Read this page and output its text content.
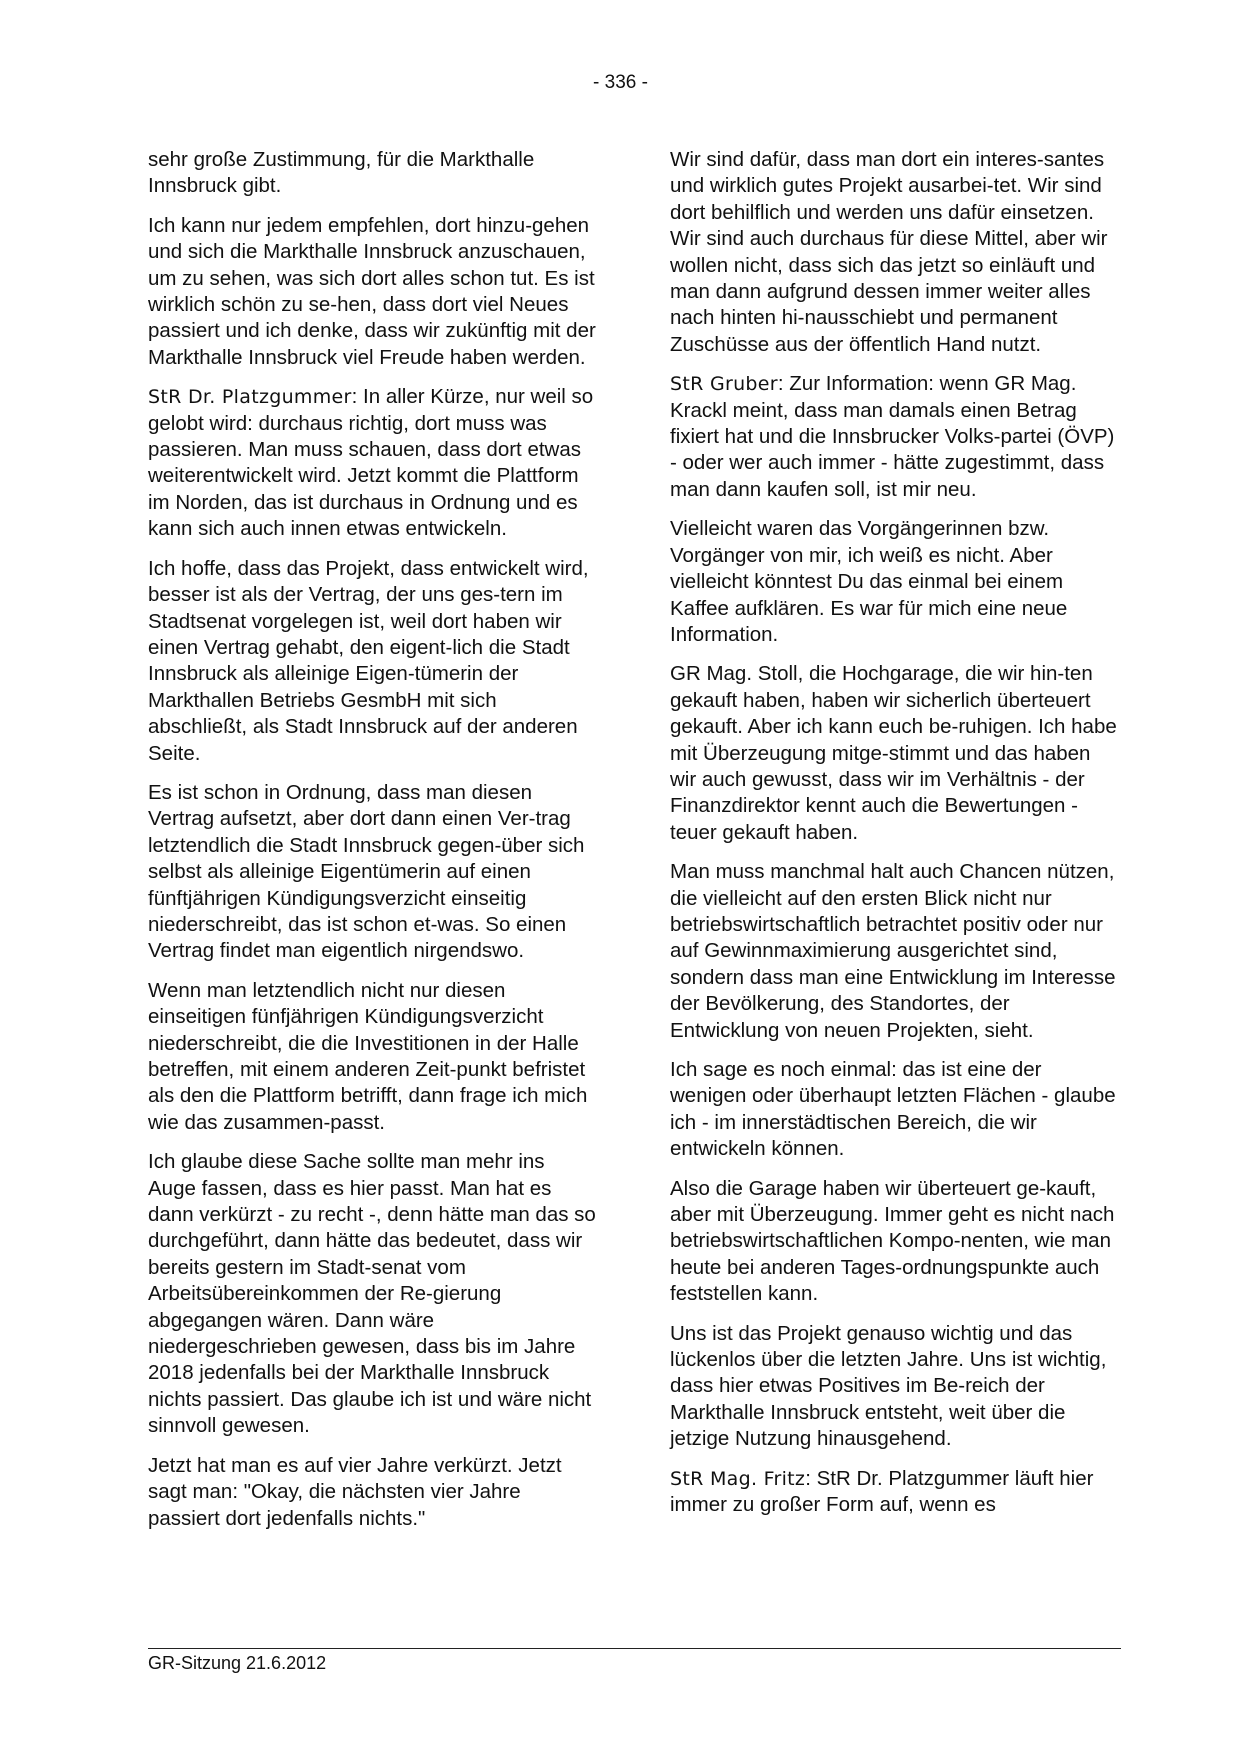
- 336 -

sehr große Zustimmung, für die Markthalle Innsbruck gibt.

Ich kann nur jedem empfehlen, dort hinzu-gehen und sich die Markthalle Innsbruck anzuschauen, um zu sehen, was sich dort alles schon tut. Es ist wirklich schön zu se-hen, dass dort viel Neues passiert und ich denke, dass wir zukünftig mit der Markthalle Innsbruck viel Freude haben werden.

StR Dr. Platzgummer: In aller Kürze, nur weil so gelobt wird: durchaus richtig, dort muss was passieren. Man muss schauen, dass dort etwas weiterentwickelt wird. Jetzt kommt die Plattform im Norden, das ist durchaus in Ordnung und es kann sich auch innen etwas entwickeln.

Ich hoffe, dass das Projekt, dass entwickelt wird, besser ist als der Vertrag, der uns ges-tern im Stadtsenat vorgelegen ist, weil dort haben wir einen Vertrag gehabt, den eigent-lich die Stadt Innsbruck als alleinige Eigen-tümerin der Markthallen Betriebs GesmbH mit sich abschließt, als Stadt Innsbruck auf der anderen Seite.

Es ist schon in Ordnung, dass man diesen Vertrag aufsetzt, aber dort dann einen Ver-trag letztendlich die Stadt Innsbruck gegen-über sich selbst als alleinige Eigentümerin auf einen fünftjährigen Kündigungsverzicht einseitig niederschreibt, das ist schon et-was. So einen Vertrag findet man eigentlich nirgendswo.

Wenn man letztendlich nicht nur diesen einseitigen fünfjährigen Kündigungsverzicht niederschreibt, die die Investitionen in der Halle betreffen, mit einem anderen Zeit-punkt befristet als den die Plattform betrifft, dann frage ich mich wie das zusammen-passt.

Ich glaube diese Sache sollte man mehr ins Auge fassen, dass es hier passt. Man hat es dann verkürzt - zu recht -, denn hätte man das so durchgeführt, dann hätte das bedeutet, dass wir bereits gestern im Stadt-senat vom Arbeitsübereinkommen der Re-gierung abgegangen wären. Dann wäre niedergeschrieben gewesen, dass bis im Jahre 2018 jedenfalls bei der Markthalle Innsbruck nichts passiert. Das glaube ich ist und wäre nicht sinnvoll gewesen.

Jetzt hat man es auf vier Jahre verkürzt. Jetzt sagt man: "Okay, die nächsten vier Jahre passiert dort jedenfalls nichts."

Wir sind dafür, dass man dort ein interes-santes und wirklich gutes Projekt ausarbei-tet. Wir sind dort behilflich und werden uns dafür einsetzen. Wir sind auch durchaus für diese Mittel, aber wir wollen nicht, dass sich das jetzt so einläuft und man dann aufgrund dessen immer weiter alles nach hinten hi-nausschiebt und permanent Zuschüsse aus der öffentlich Hand nutzt.

StR Gruber: Zur Information: wenn GR Mag. Krackl meint, dass man damals einen Betrag fixiert hat und die Innsbrucker Volks-partei (ÖVP) - oder wer auch immer - hätte zugestimmt, dass man dann kaufen soll, ist mir neu.

Vielleicht waren das Vorgängerinnen bzw. Vorgänger von mir, ich weiß es nicht. Aber vielleicht könntest Du das einmal bei einem Kaffee aufklären. Es war für mich eine neue Information.

GR Mag. Stoll, die Hochgarage, die wir hin-ten gekauft haben, haben wir sicherlich überteuert gekauft. Aber ich kann euch be-ruhigen. Ich habe mit Überzeugung mitge-stimmt und das haben wir auch gewusst, dass wir im Verhältnis - der Finanzdirektor kennt auch die Bewertungen - teuer gekauft haben.

Man muss manchmal halt auch Chancen nützen, die vielleicht auf den ersten Blick nicht nur betriebswirtschaftlich betrachtet positiv oder nur auf Gewinnmaximierung ausgerichtet sind, sondern dass man eine Entwicklung im Interesse der Bevölkerung, des Standortes, der Entwicklung von neuen Projekten, sieht.

Ich sage es noch einmal: das ist eine der wenigen oder überhaupt letzten Flächen - glaube ich - im innerstädtischen Bereich, die wir entwickeln können.

Also die Garage haben wir überteuert ge-kauft, aber mit Überzeugung. Immer geht es nicht nach betriebswirtschaftlichen Kompo-nenten, wie man heute bei anderen Tages-ordnungspunkte auch feststellen kann.

Uns ist das Projekt genauso wichtig und das lückenlos über die letzten Jahre. Uns ist wichtig, dass hier etwas Positives im Be-reich der Markthalle Innsbruck entsteht, weit über die jetzige Nutzung hinausgehend.

StR Mag. Fritz: StR Dr. Platzgummer läuft hier immer zu großer Form auf, wenn es

GR-Sitzung 21.6.2012
